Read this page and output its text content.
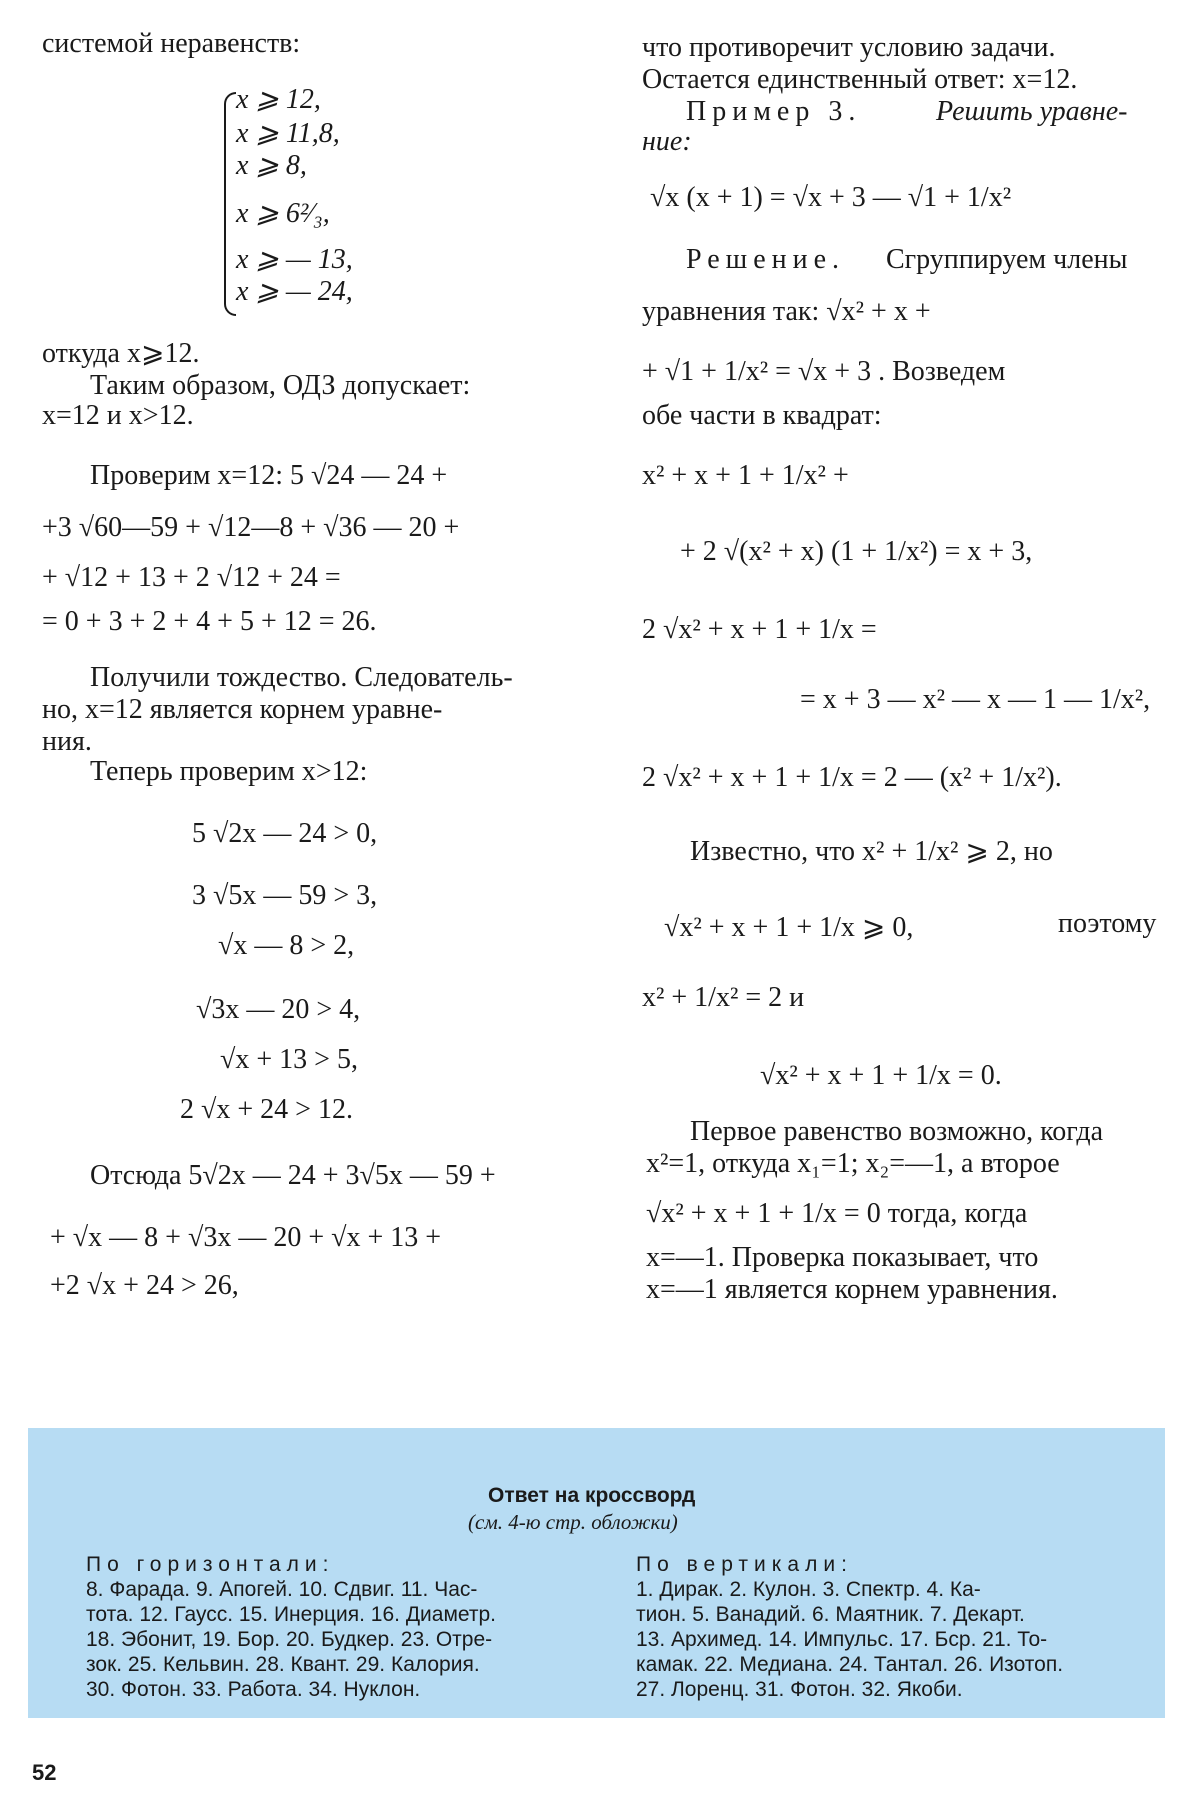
системой неравенств:
x ⩾ 12,
x ⩾ 11,8,
x ⩾ 8,
x ⩾ 6²⁄₃,
x ⩾ — 13,
x ⩾ — 24,
откуда x⩾12.
Таким образом, ОДЗ допускает:
x=12 и x>12.
Проверим x=12: 5 √24 — 24 +
+3 √60—59 + √12—8 + √36 — 20 +
+ √12 + 13 + 2 √12 + 24 =
= 0 + 3 + 2 + 4 + 5 + 12 = 26.
Получили тождество. Следователь-
но, x=12 является корнем уравне-
ния.
Теперь проверим x>12:
5 √2x — 24 > 0,
3 √5x — 59 > 3,
√x — 8 > 2,
√3x — 20 > 4,
√x + 13 > 5,
2 √x + 24 > 12.
Отсюда 5√2x — 24 + 3√5x — 59 +
+ √x — 8 + √3x — 20 + √x + 13 +
+2 √x + 24 > 26,
что противоречит условию задачи.
Остается единственный ответ: x=12.
Пример 3.	Решить уравне-
ние:
√x (x + 1) = √x + 3 — √1 + 1/x²
Решение. Сгруппируем члены
уравнения так: √x² + x +
+ √1 + 1/x² = √x + 3 . Возведем
обе части в квадрат:
x² + x + 1 + 1/x² +
+ 2 √(x² + x) (1 + 1/x²) = x + 3,
2 √x² + x + 1 + 1/x =
= x + 3 — x² — x — 1 — 1/x²,
2 √x² + x + 1 + 1/x = 2 — (x² + 1/x²).
Известно, что x² + 1/x² ⩾ 2, но
√x² + x + 1 + 1/x ⩾ 0,	поэтому
x² + 1/x² = 2 и
√x² + x + 1 + 1/x = 0.
Первое равенство возможно, когда
x²=1, откуда x₁=1; x₂=—1, а второе
√x² + x + 1 + 1/x = 0 тогда, когда
x=—1. Проверка показывает, что
x=—1 является корнем уравнения.
Ответ на кроссворд
(см. 4-ю стр. обложки)
По горизонтали:
8. Фарада. 9. Апогей. 10. Сдвиг. 11. Час-
тота. 12. Гаусс. 15. Инерция. 16. Диаметр.
18. Эбонит, 19. Бор. 20. Будкер. 23. Отре-
зок. 25. Кельвин. 28. Квант. 29. Калория.
30. Фотон. 33. Работа. 34. Нуклон.
По вертикали:
1. Дирак. 2. Кулон. 3. Спектр. 4. Ка-
тион. 5. Ванадий. 6. Маятник. 7. Декарт.
13. Архимед. 14. Импульс. 17. Бср. 21. То-
камак. 22. Медиана. 24. Тантал. 26. Изотоп.
27. Лоренц. 31. Фотон. 32. Якоби.
52
